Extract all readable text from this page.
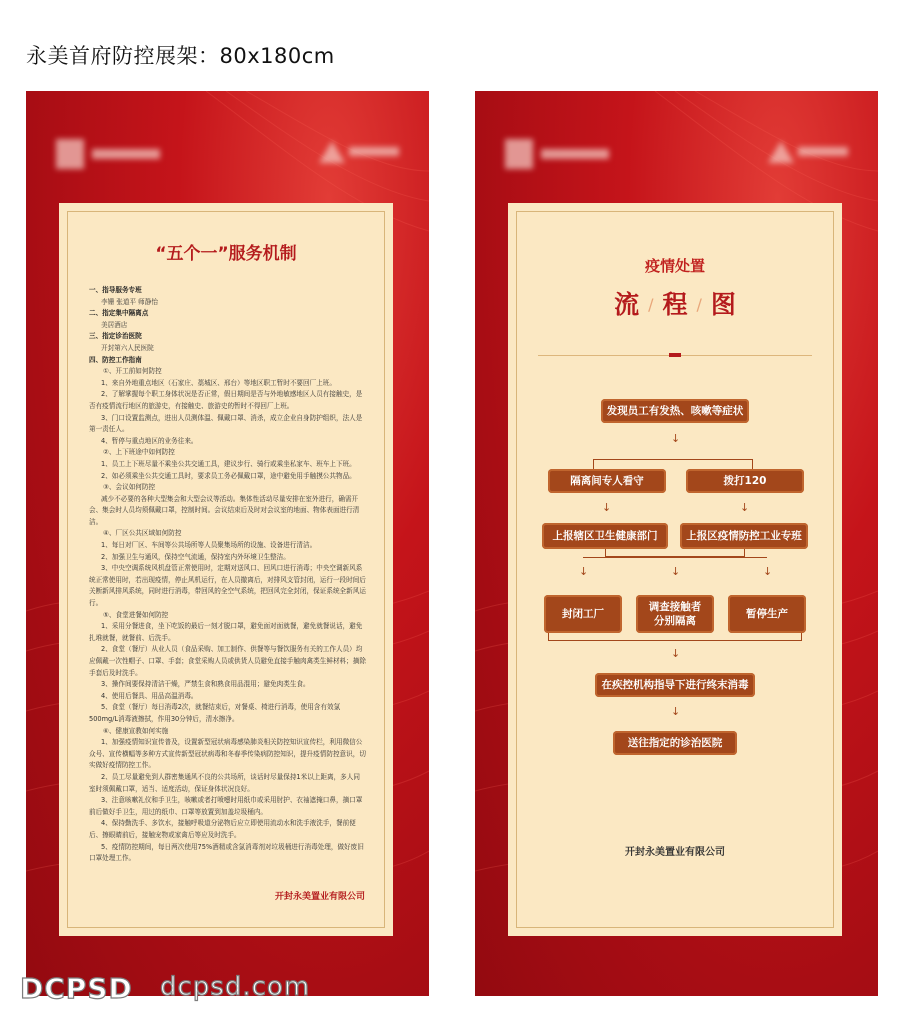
永美首府防控展架：80x180cm
“五个一”服务机制
一、指导服务专班
李姗 张道平 师静怡
二、指定集中隔离点
美居酒店
三、指定诊治医院
开封第六人民医院
四、防控工作指南
①、开工前如何防控
1、来自外地重点地区（石家庄、藁城区、邢台）等地区职工暂时不要回厂上班。
2、了解掌握每个职工身体状况是否正常，假日期间是否与外地敏感地区人员有接触史，是否有疫情流行地区的旅游史，有接触史、旅游史的暂时不得回厂上班。
3、门口设置监测点，进出人员测体温、佩戴口罩、消杀，成立企业自身防护组织，法人是第一责任人。
4、暂停与重点地区的业务往来。
②、上下班途中如何防控
1、员工上下班尽量不乘坐公共交通工具，建议步行、骑行或乘坐私家车、班车上下班。
2、如必须乘坐公共交通工具时，要求员工务必佩戴口罩，途中避免用手触摸公共物品。
③、会议如何防控
减少不必要的各种大型集会和大型会议等活动。集体性活动尽量安排在室外进行，确需开会、集会时人员均须佩戴口罩，控制时间。会议结束后及时对会议室的地面、物体表面进行清洁。
④、厂区公共区域如何防控
1、每日对厂区、车间等公共场所等人员聚集场所的设施、设备进行清洁。
2、加强卫生与通风，保持空气流通，保持室内外环境卫生整洁。
3、中央空调系统风机盘管正常使用时，定期对送风口、回风口进行消毒；中央空调新风系统正常使用时，若出现疫情，停止风机运行，在人员撤离后，对排风支管封闭，运行一段时间后关断新风排风系统，同时进行消毒，带回风的全空气系统，把回风完全封闭，保证系统全新风运行。
⑤、食堂进餐如何防控
1、采用分餐进食，坐下吃饭的最后一刻才脱口罩，避免面对面就餐，避免就餐说话，避免扎堆就餐，就餐前、后洗手。
2、食堂（餐厅）从业人员（食品采购、加工制作、供餐等与餐饮服务有关的工作人员）均应佩戴一次性帽子、口罩、手套；食堂采购人员或供货人员避免直接手触肉禽类生鲜材料；摘除手套后及时洗手。
3、操作间要保持清洁干燥，严禁生食和熟食用品混用；避免肉类生食。
4、使用后餐具、用品高温消毒。
5、食堂（餐厅）每日消毒2次，就餐结束后，对餐桌、椅进行消毒，使用含有效氯500mg/L消毒液擦拭，作用30分钟后，清水擦净。
⑥、健康宣教如何实施
1、加强疫情知识宣传普及，设置新型冠状病毒感染肺炎相关防控知识宣传栏，利用微信公众号、宣传横幅等多种方式宣传新型冠状病毒和冬春季传染病防控知识，提升疫情防控意识，切实做好疫情防控工作。
2、员工尽量避免到人群密集通风不良的公共场所，谈话时尽量保持1米以上距离，多人同室时须佩戴口罩，适当、适度活动，保证身体状况良好。
3、注意咳嗽礼仪和手卫生，咳嗽或者打喷嚏时用纸巾或采用肘护、衣袖遮掩口鼻，摘口罩前后做好手卫生，用过的纸巾、口罩等放置到加盖垃圾桶内。
4、保持勤洗手、多饮水，接触呼吸道分泌物后应立即使用流动水和洗手液洗手，餐前便后、擦眼睛前后，接触宠物或家禽后等应及时洗手。
5、疫情防控期间，每日两次使用75%酒精或含氯消毒剂对垃圾桶进行消毒处理，做好废旧口罩处理工作。
开封永美置业有限公司
疫情处置
流 / 程 / 图
发现员工有发热、咳嗽等症状
↓
隔离间专人看守	拨打120
↓	↓
上报辖区卫生健康部门	上报区疫情防控工业专班
↓	↓	↓
封闭工厂
调查接触者
分别隔离
暂停生产
↓
在疾控机构指导下进行终末消毒
↓
送往指定的诊治医院
开封永美置业有限公司
DCPSD dcpsd.com
